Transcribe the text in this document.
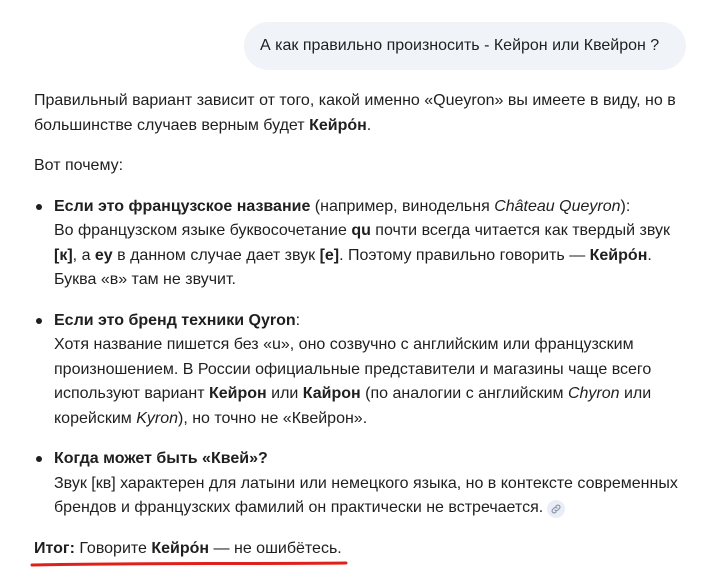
А как правильно произносить - Кейрон или Квейрон ?

Правильный вариант зависит от того, какой именно «Queyron» вы имеете в виду, но в большинстве случаев верным будет Кейро́н.

Вот почему:

Если это французское название (например, винодельня Château Queyron):
Во французском языке буквосочетание qu почти всегда читается как твердый звук [к], а ey в данном случае дает звук [е]. Поэтому правильно говорить — Кейро́н. Буква «в» там не звучит.
Если это бренд техники Qyron:
Хотя название пишется без «u», оно созвучно с английским или французским произношением. В России официальные представители и магазины чаще всего используют вариант Кейрон или Кайрон (по аналогии с английским Chyron или корейским Kyron), но точно не «Квейрон».
Когда может быть «Квей»?
Звук [кв] характерен для латыни или немецкого языка, но в контексте современных брендов и французских фамилий он практически не встречается.

Итог: Говорите Кейро́н — не ошибётесь.
